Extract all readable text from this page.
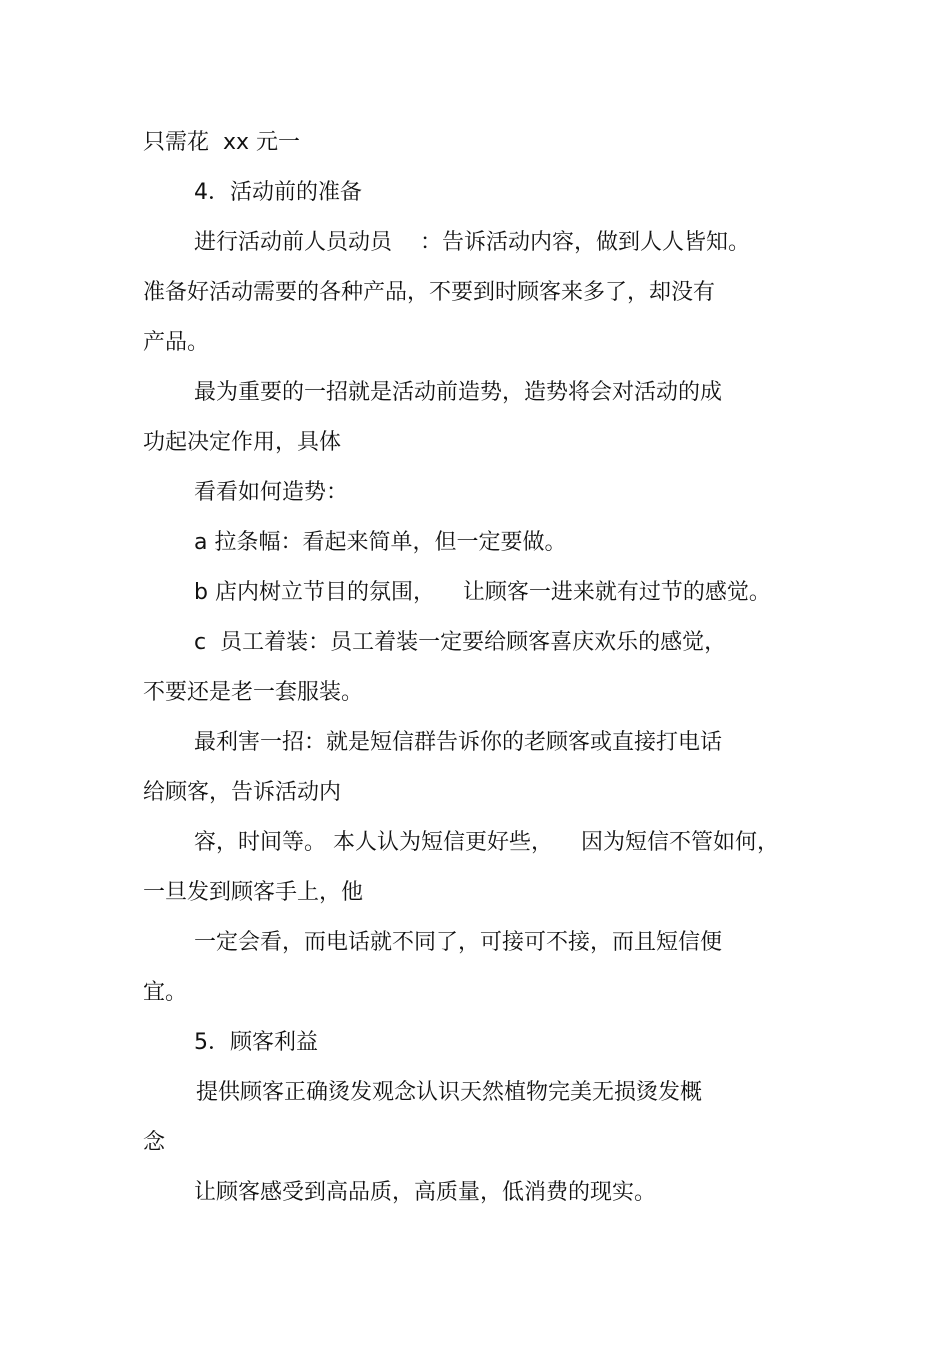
只需花  xx 元一
4．活动前的准备
进行活动前人员动员    ：告诉活动内容，做到人人皆知。
准备好活动需要的各种产品，不要到时顾客来多了，却没有
产品。
最为重要的一招就是活动前造势，造势将会对活动的成
功起决定作用，具体
看看如何造势：
a 拉条幅：看起来简单，但一定要做。
b 店内树立节目的氛围，    让顾客一进来就有过节的感觉。
c  员工着装：员工着装一定要给顾客喜庆欢乐的感觉，
不要还是老一套服装。
最利害一招：就是短信群告诉你的老顾客或直接打电话
给顾客，告诉活动内
容，时间等。 本人认为短信更好些，    因为短信不管如何，
一旦发到顾客手上，他
一定会看，而电话就不同了，可接可不接，而且短信便
宜。
5．顾客利益
提供顾客正确烫发观念认识天然植物完美无损烫发概
念
让顾客感受到高品质，高质量，低消费的现实。
